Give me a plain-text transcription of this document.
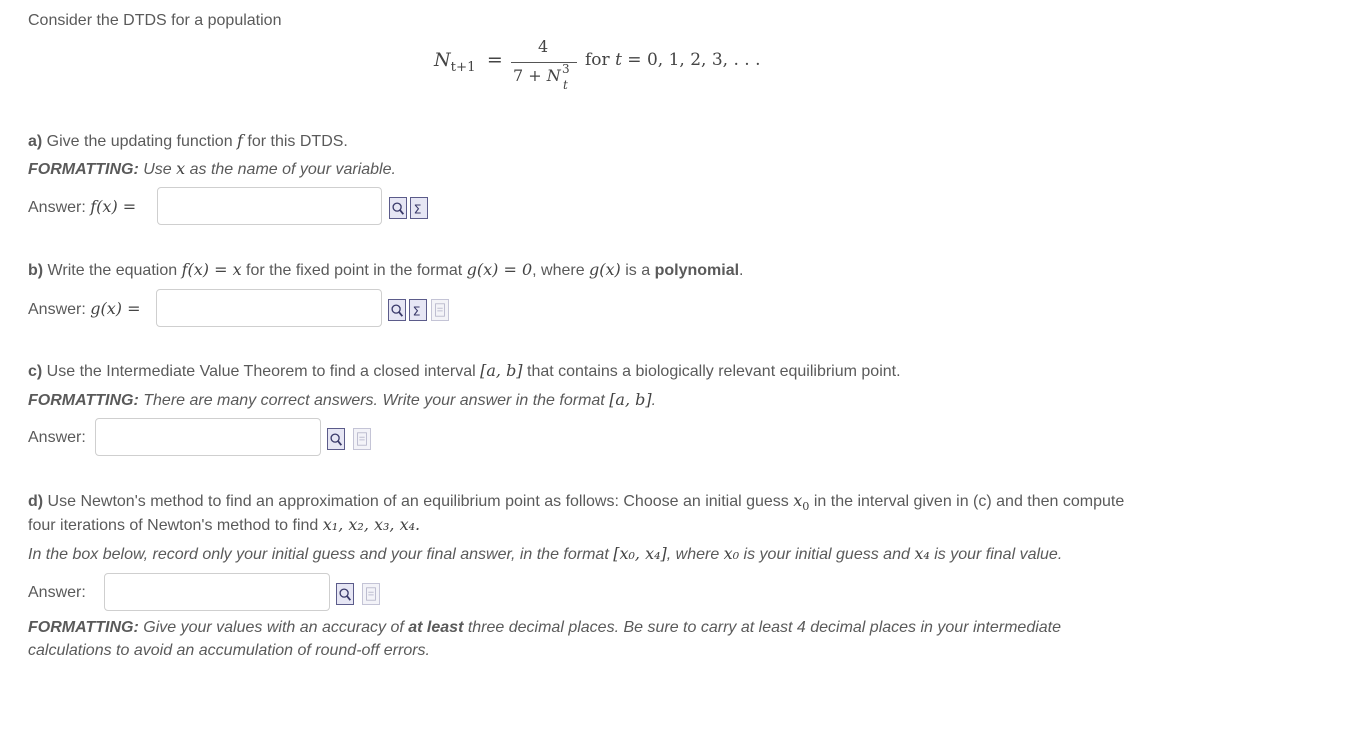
Consider the DTDS for a population
$N_{t+1}$ =
4
7 + N 3
t
for t = 0, 1, 2, 3, . . .
a) Give the updating function f for this DTDS.
FORMATTING: Use x as the name of your variable.
Answer: f(x) =	Σ
b) Write the equation f(x) = x for the fixed point in the format g(x) = 0, where g(x) is a polynomial.
Answer: g(x) =	Σ
c) Use the Intermediate Value Theorem to find a closed interval [a, b] that contains a biologically relevant equilibrium point.
FORMATTING: There are many correct answers. Write your answer in the format [a, b].
Answer:
d) Use Newton's method to find an approximation of an equilibrium point as follows: Choose an initial guess $x_0$ in the interval given in (c) and then compute
four iterations of Newton's method to find x₁, x₂, x₃, x₄.
In the box below, record only your initial guess and your final answer, in the format [x₀, x₄], where x₀ is your initial guess and x₄ is your final value.
Answer:
FORMATTING: Give your values with an accuracy of at least three decimal places. Be sure to carry at least 4 decimal places in your intermediate
calculations to avoid an accumulation of round-off errors.
